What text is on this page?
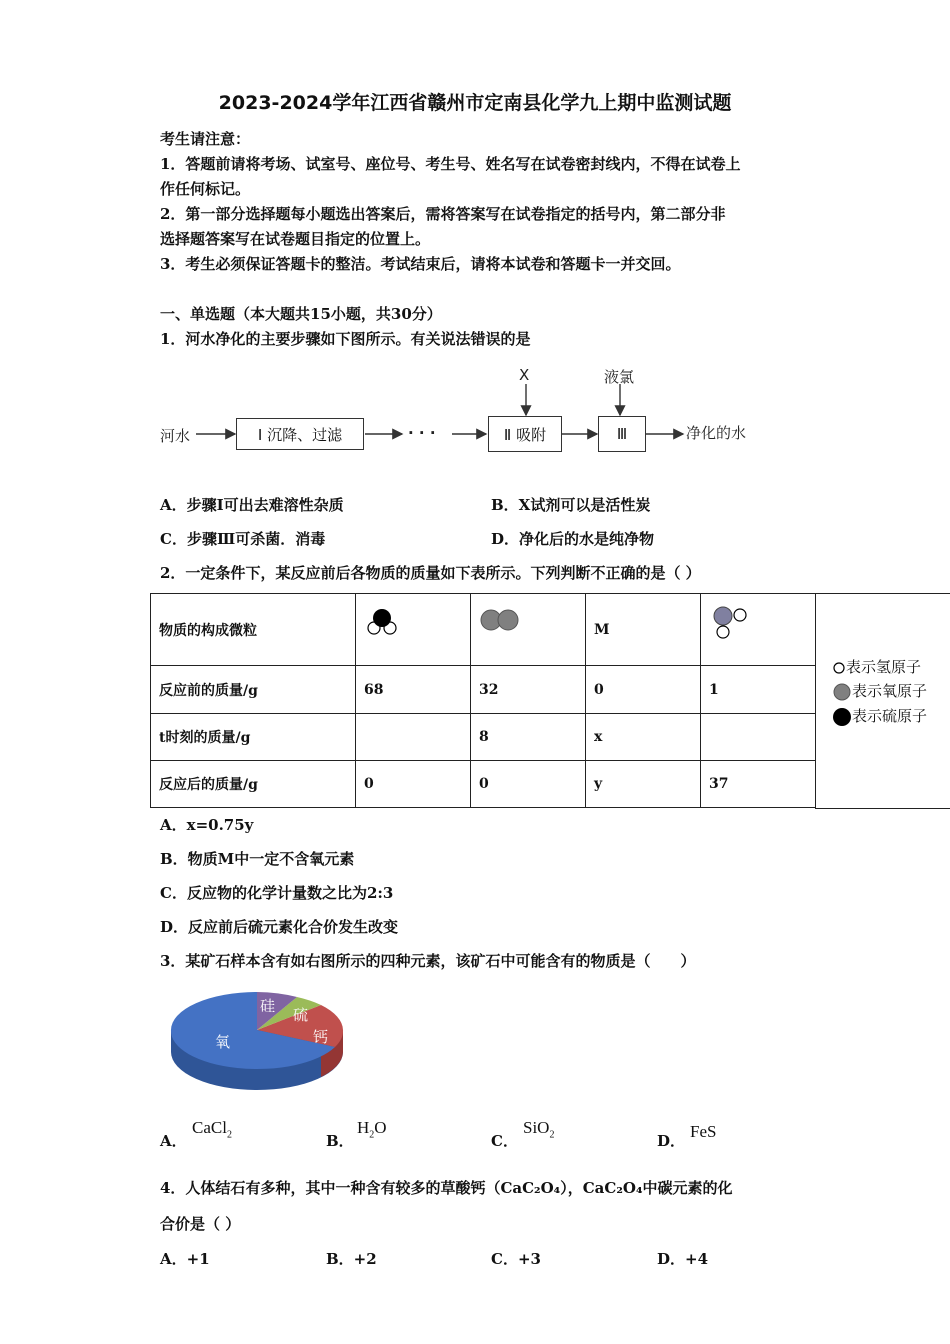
2023-2024学年江西省赣州市定南县化学九上期中监测试题
考生请注意：
1．答题前请将考场、试室号、座位号、考生号、姓名写在试卷密封线内，不得在试卷上
作任何标记。
2．第一部分选择题每小题选出答案后，需将答案写在试卷指定的括号内，第二部分非
选择题答案写在试卷题目指定的位置上。
3．考生必须保证答题卡的整洁。考试结束后，请将本试卷和答题卡一并交回。
一、单选题（本大题共15小题，共30分）
1．河水净化的主要步骤如下图所示。有关说法错误的是
河水	Ⅰ 沉降、过滤	· · ·	Ⅱ 吸附	Ⅲ
X	液氯
净化的水
A．步骤Ⅰ可出去难溶性杂质	B．X试剂可以是活性炭
C．步骤Ⅲ可杀菌．消毒	D．净化后的水是纯净物
2．一定条件下，某反应前后各物质的质量如下表所示。下列判断不正确的是（ ）
物质的构成微粒			M	
反应前的质量/g	68	32	0	1
t时刻的质量/g		8	x	
反应后的质量/g	0	0	y	37
表示氢原子
表示氧原子
表示硫原子
A．x=0.75y
B．物质M中一定不含氧元素
C．反应物的化学计量数之比为2:3
D．反应前后硫元素化合价发生改变
3．某矿石样本含有如右图所示的四种元素，该矿石中可能含有的物质是（　　）
硅 硫
钙
氧
A．
CaCl$_2$	B．
$H_2O$
C．
SiO$_2$	D． FeS
4．人体结石有多种，其中一种含有较多的草酸钙（CaC₂O₄），CaC₂O₄中碳元素的化
合价是（ ）
A．+1	B．+2	C．+3	D．+4
